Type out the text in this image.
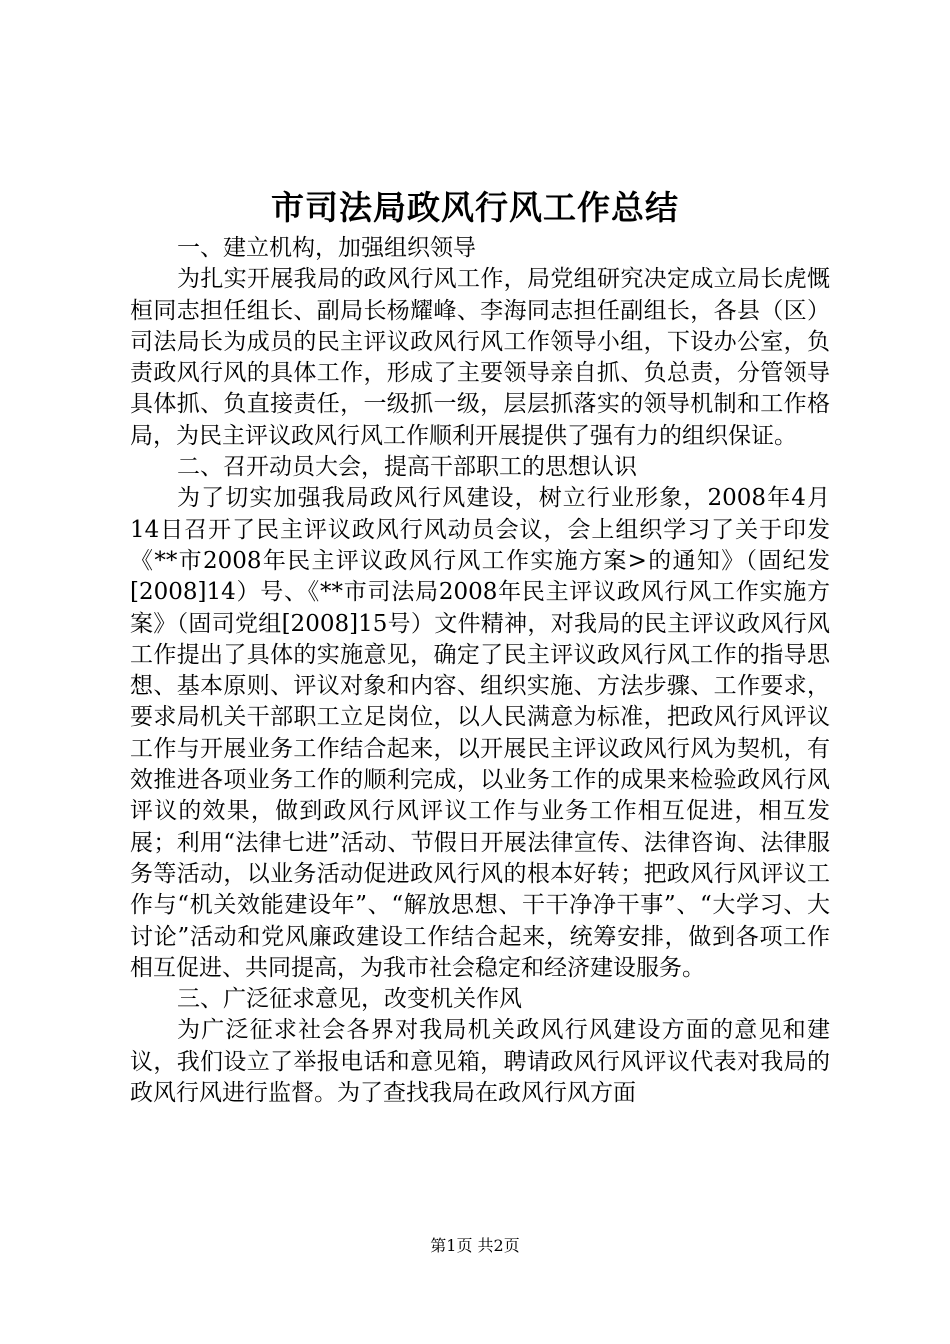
市司法局政风行风工作总结

一、建立机构，加强组织领导

为扎实开展我局的政风行风工作，局党组研究决定成立局长虎慨桓同志担任组长、副局长杨耀峰、李海同志担任副组长，各县（区）司法局长为成员的民主评议政风行风工作领导小组，下设办公室，负责政风行风的具体工作，形成了主要领导亲自抓、负总责，分管领导具体抓、负直接责任，一级抓一级，层层抓落实的领导机制和工作格局，为民主评议政风行风工作顺利开展提供了强有力的组织保证。

二、召开动员大会，提高干部职工的思想认识

为了切实加强我局政风行风建设，树立行业形象，2008年4月14日召开了民主评议政风行风动员会议，会上组织学习了关于印发《**市2008年民主评议政风行风工作实施方案>的通知》（固纪发[2008]14）号、《**市司法局2008年民主评议政风行风工作实施方案》（固司党组[2008]15号）文件精神，对我局的民主评议政风行风工作提出了具体的实施意见，确定了民主评议政风行风工作的指导思想、基本原则、评议对象和内容、组织实施、方法步骤、工作要求，要求局机关干部职工立足岗位，以人民满意为标准，把政风行风评议工作与开展业务工作结合起来，以开展民主评议政风行风为契机，有效推进各项业务工作的顺利完成，以业务工作的成果来检验政风行风评议的效果，做到政风行风评议工作与业务工作相互促进，相互发展；利用“法律七进”活动、节假日开展法律宣传、法律咨询、法律服务等活动，以业务活动促进政风行风的根本好转；把政风行风评议工作与“机关效能建设年”、“解放思想、干干净净干事”、“大学习、大讨论”活动和党风廉政建设工作结合起来，统筹安排，做到各项工作相互促进、共同提高，为我市社会稳定和经济建设服务。

三、广泛征求意见，改变机关作风

为广泛征求社会各界对我局机关政风行风建设方面的意见和建议，我们设立了举报电话和意见箱，聘请政风行风评议代表对我局的政风行风进行监督。为了查找我局在政风行风方面

第1页 共2页
